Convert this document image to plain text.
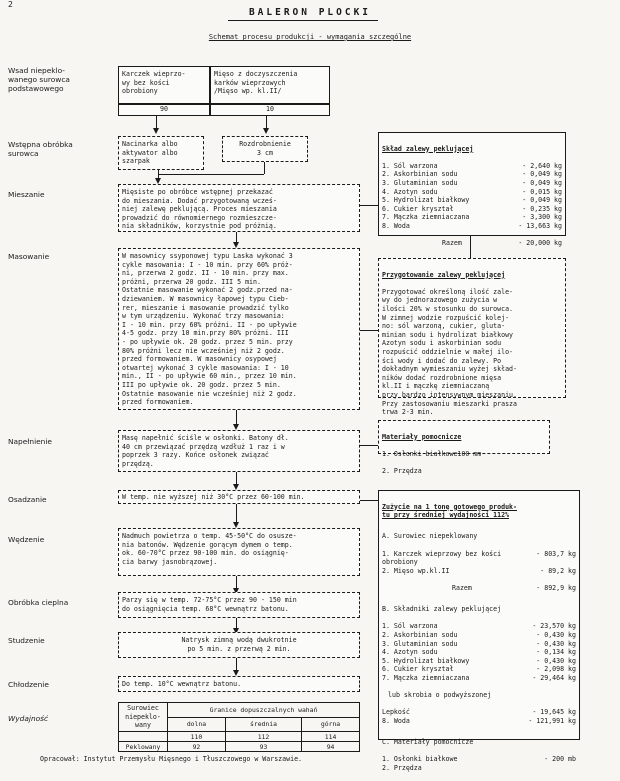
2
BALERON PLOCKI
Schemat procesu produkcji - wymagania szczególne
Wsad niepeklo-
wanego surowca
podstawowego
Wstępna obróbka
surowca
Mieszanie
Masowanie
Napełnienie
Osadzanie
Wędzenie
Obróbka cieplna
Studzenie
Chłodzenie
Wydajność
Karczek wieprzo-
wy bez kości
obrobiony
Mięso z doczyszczenia
karków wieprzowych
/Mięso wp. kl.II/
90	10
Nacinarka albo
aktywator albo
szarpak
Rozdrobnienie
3 cm
Mięsiste po obróbce wstępnej przekazać
do mieszania. Dodać przygotowaną wcześ-
niej zalewę peklującą. Proces mieszania
prowadzić do równomiernego rozmieszcze-
nia składników, korzystnie pod próżnią.
W masownicy ssyponowej typu Laska wykonać 3
cykle masowania: I - 10 min. przy 60% próż-
ni, przerwa 2 godz. II - 10 min. przy max.
próżni, przerwa 20 godz. III 5 min.
Ostatnie masowanie wykonać 2 godz.przed na-
dziewaniem. W masownicy łapowej typu Cieb-
rer, mieszanie i masowanie prowadzić tylko
w tym urządzeniu. Wykonać trzy masowania:
I - 10 min. przy 60% próżni. II - po upływie
4-5 godz. przy 10 min.przy 80% próżni. III
- po upływie ok. 20 godz. przez 5 min. przy
80% próżni lecz nie wcześniej niż 2 godz.
przed formowaniem. W masownicy osypowej
otwartej wykonać 3 cykle masowania: I - 10
min., II - po upływie 60 min., przez 10 min.
III po upływie ok. 20 godz. przez 5 min.
Ostatnie masowanie nie wcześniej niż 2 godz.
przed formowaniem.
Masę napełnić ściśle w osłonki. Batony dł.
40 cm przewiązać przędzą wzdłuż 1 raz i w
poprzek 3 razy. Końce osłonek związać
przędzą.
W temp. nie wyższej niż 30°C przez 60-100 min.
Nadmuch powietrza o temp. 45-50°C do osusze-
nia batonów. Wędzenie gorącym dymem o temp.
ok. 60-70°C przez 90-100 min. do osiągnię-
cia barwy jasnobrązowej.
Parzy się w temp. 72-75°C przez 90 - 150 min
do osiągnięcia temp. 68°C wewnątrz batonu.
Natrysk zimną wodą dwukrotnie
po 5 min. z przerwą 2 min.
Do temp. 10°C wewnątrz batonu.
Surowiec
niepeklo-
wany	Granice dopuszczalnych wahań		
	dolna	średnia	górna
	110	112	114
Peklowany	92	93	94

Skład zalewy peklującej

1. Sól warzona	- 2,640 kg
2. Askorbinian sodu	- 0,049 kg
3. Glutaminian sodu	- 0,049 kg
4. Azotyn sodu	- 0,015 kg
5. Hydrolizat białkowy	- 0,049 kg
6. Cukier kryształ	- 0,235 kg
7. Mączka ziemniaczana	- 3,300 kg
8. Woda	- 13,663 kg

Razem	- 20,000 kg

Przygotowanie zalewy peklującej

Przygotować określoną ilość zale-
wy do jednorazowego zużycia w
ilości 20% w stosunku do surowca.
W zimnej wodzie rozpuścić kolej-
no: sól warzoną, cukier, gluta-
minian sodu i hydrolizat białkowy
Azotyn sodu i askorbinian sodu
rozpuścić oddzielnie w małej ilo-
ści wody i dodać do zalewy. Po
dokładnym wymieszaniu wyżej skład-
ników dodać rozdrobnione mięsa
kl.II i mączkę ziemniaczaną
przy bardzo intensywnym mieszaniu.
Przy zastosowaniu mieszarki prasza
trwa 2-3 min.

Materiały pomocnicze

1. Osłonki białkowe100 mm

2. Przędza

Zużycie na 1 tonę gotowego produk-
tu przy średniej wydajności 112%

A. Surowiec niepeklowany

1. Karczek wieprzowy bez kości
obrobiony
- 803,7 kg
2. Mięso wp.kl.II	- 89,2 kg

Razem	- 892,9 kg

B. Składniki zalewy peklującej

1. Sól warzona	- 23,570 kg
2. Askorbinian sodu	- 0,430 kg
3. Glutaminian sodu	- 0,430 kg
4. Azotyn sodu	- 0,134 kg
5. Hydrolizat białkowy	- 0,430 kg
6. Cukier kryształ	- 2,098 kg
7. Mączka ziemniaczana	- 29,464 kg

lub skrobia o podwyższonej

Lepkość	- 19,645 kg
8. Woda	- 121,991 kg

C. Materiały pomocnicze

1. Osłonki białkowe	- 200 mb
2. Przędza

Opracował: Instytut Przemysłu Mięsnego i Tłuszczowego w Warszawie.
